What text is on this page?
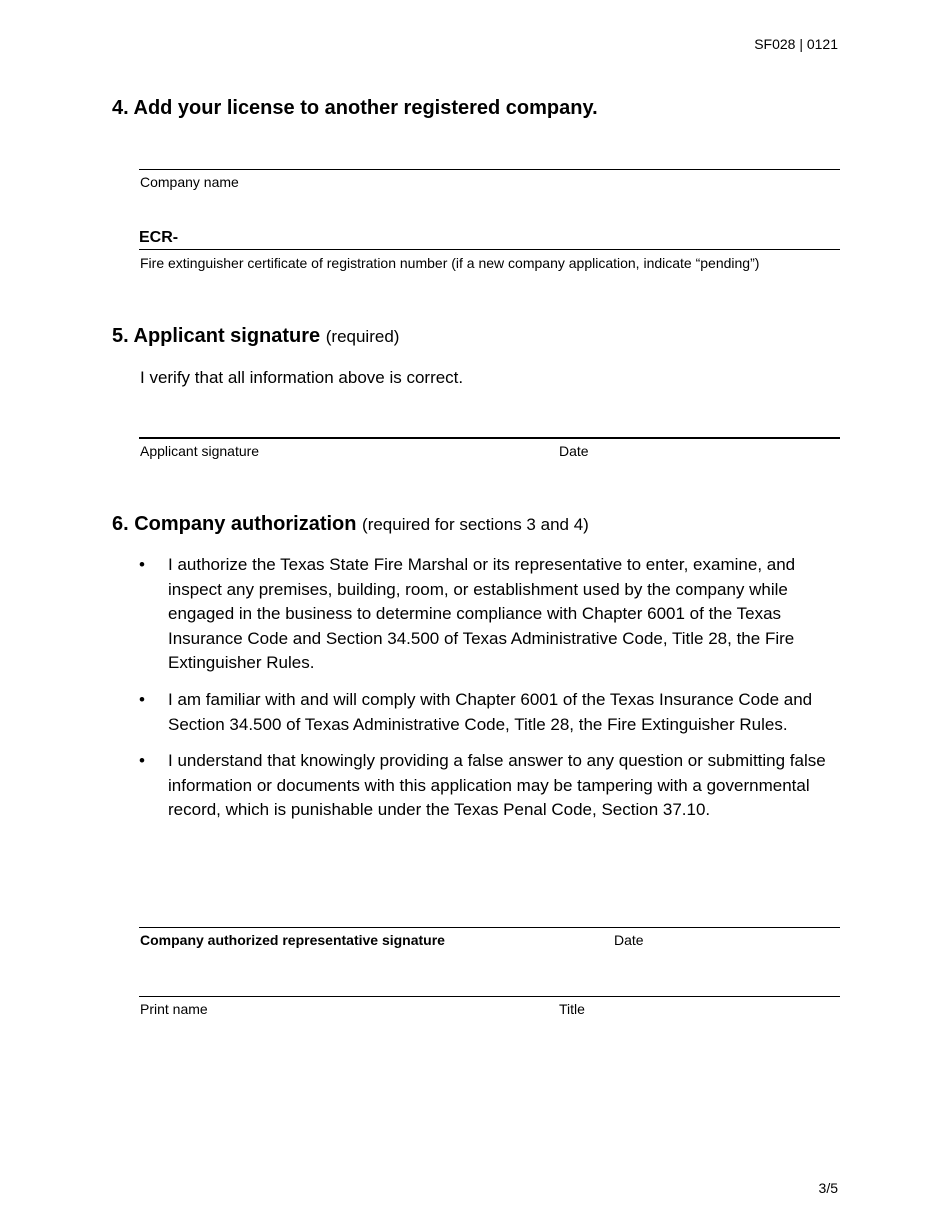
SF028 | 0121
4. Add your license to another registered company.
Company name
ECR-
Fire extinguisher certificate of registration number (if a new company application, indicate “pending”)
5. Applicant signature (required)
I verify that all information above is correct.
Applicant signature	Date
6. Company authorization (required for sections 3 and 4)
• I authorize the Texas State Fire Marshal or its representative to enter, examine, and inspect any premises, building, room, or establishment used by the company while engaged in the business to determine compliance with Chapter 6001 of the Texas Insurance Code and Section 34.500 of Texas Administrative Code, Title 28, the Fire Extinguisher Rules.
• I am familiar with and will comply with Chapter 6001 of the Texas Insurance Code and Section 34.500 of Texas Administrative Code, Title 28, the Fire Extinguisher Rules.
• I understand that knowingly providing a false answer to any question or submitting false information or documents with this application may be tampering with a governmental record, which is punishable under the Texas Penal Code, Section 37.10.
Company authorized representative signature	Date
Print name	Title
3/5
